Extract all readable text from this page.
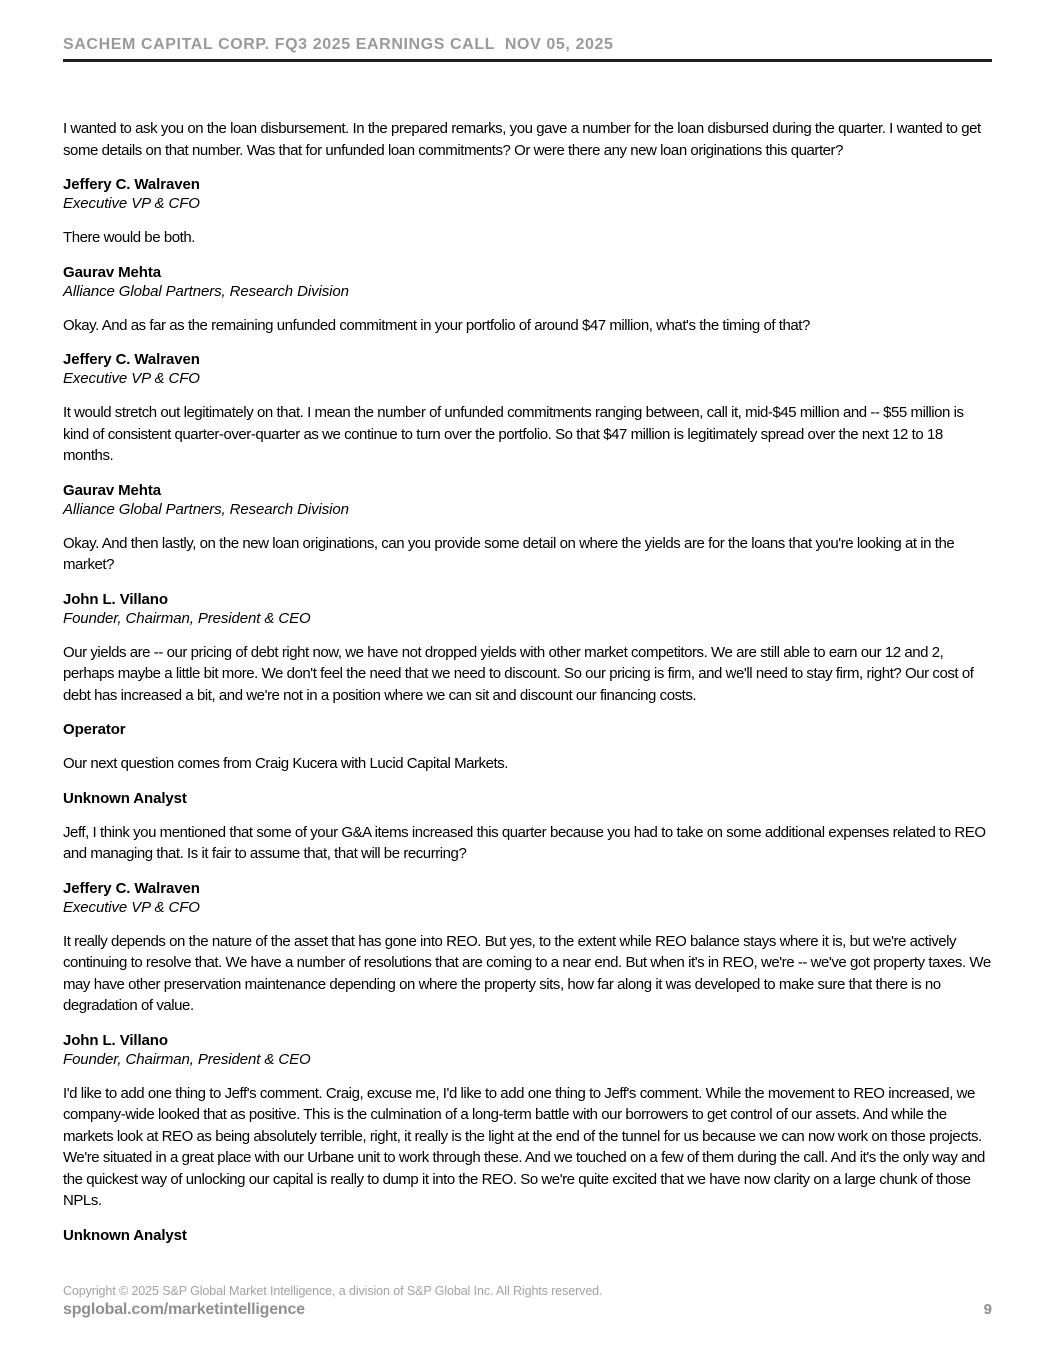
SACHEM CAPITAL CORP. FQ3 2025 EARNINGS CALL  NOV 05, 2025

I wanted to ask you on the loan disbursement. In the prepared remarks, you gave a number for the loan disbursed during the quarter. I wanted to get some details on that number. Was that for unfunded loan commitments? Or were there any new loan originations this quarter?

Jeffery C. Walraven

Executive VP & CFO

There would be both.

Gaurav Mehta

Alliance Global Partners, Research Division

Okay. And as far as the remaining unfunded commitment in your portfolio of around $47 million, what's the timing of that?

Jeffery C. Walraven

Executive VP & CFO

It would stretch out legitimately on that. I mean the number of unfunded commitments ranging between, call it, mid-$45 million and -- $55 million is kind of consistent quarter-over-quarter as we continue to turn over the portfolio. So that $47 million is legitimately spread over the next 12 to 18 months.

Gaurav Mehta

Alliance Global Partners, Research Division

Okay. And then lastly, on the new loan originations, can you provide some detail on where the yields are for the loans that you're looking at in the market?

John L. Villano

Founder, Chairman, President & CEO

Our yields are -- our pricing of debt right now, we have not dropped yields with other market competitors. We are still able to earn our 12 and 2, perhaps maybe a little bit more. We don't feel the need that we need to discount. So our pricing is firm, and we'll need to stay firm, right? Our cost of debt has increased a bit, and we're not in a position where we can sit and discount our financing costs.

Operator

Our next question comes from Craig Kucera with Lucid Capital Markets.

Unknown Analyst

Jeff, I think you mentioned that some of your G&A items increased this quarter because you had to take on some additional expenses related to REO and managing that. Is it fair to assume that, that will be recurring?

Jeffery C. Walraven

Executive VP & CFO

It really depends on the nature of the asset that has gone into REO. But yes, to the extent while REO balance stays where it is, but we're actively continuing to resolve that. We have a number of resolutions that are coming to a near end. But when it's in REO, we're -- we've got property taxes. We may have other preservation maintenance depending on where the property sits, how far along it was developed to make sure that there is no degradation of value.

John L. Villano

Founder, Chairman, President & CEO

I'd like to add one thing to Jeff's comment. Craig, excuse me, I'd like to add one thing to Jeff's comment. While the movement to REO increased, we company-wide looked that as positive. This is the culmination of a long-term battle with our borrowers to get control of our assets. And while the markets look at REO as being absolutely terrible, right, it really is the light at the end of the tunnel for us because we can now work on those projects. We're situated in a great place with our Urbane unit to work through these. And we touched on a few of them during the call. And it's the only way and the quickest way of unlocking our capital is really to dump it into the REO. So we're quite excited that we have now clarity on a large chunk of those NPLs.

Unknown Analyst

Copyright © 2025 S&P Global Market Intelligence, a division of S&P Global Inc. All Rights reserved.
spglobal.com/marketintelligence	9
